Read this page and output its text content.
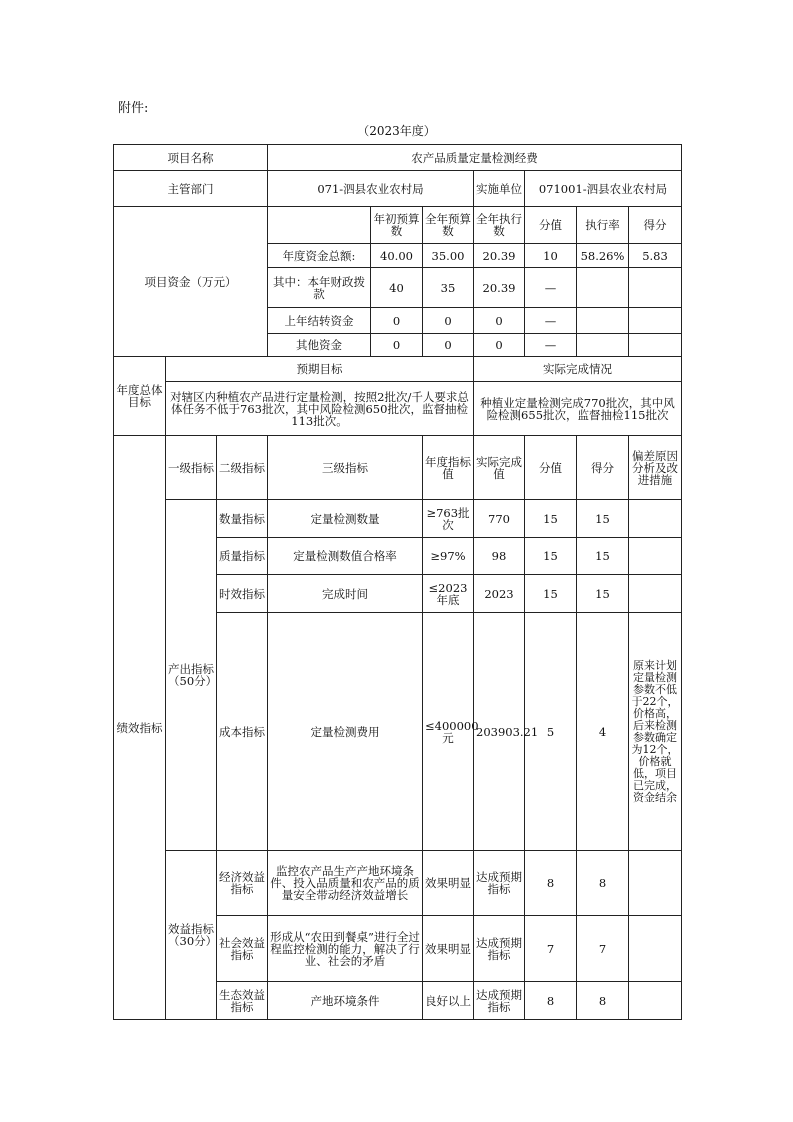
附件:
（2023年度）
项目名称			农产品质量定量检测经费						
主管部门			071-泗县农业农村局			实施单位	071001-泗县农业农村局		
项目资金（万元）				年初预算数	全年预算数	全年执行数	分值	执行率	得分
			年度资金总额:	40.00	35.00	20.39	10	58.26%	5.83
			其中：本年财政拨款	40	35	20.39	—		
			上年结转资金	0	0	0	—		
			其他资金	0	0	0	—		
年度总体目标	预期目标					实际完成情况			
	对辖区内种植农产品进行定量检测，按照2批次/千人要求总体任务不低于763批次，其中风险检测650批次，监督抽检113批次。					种植业定量检测完成770批次，其中风险检测655批次，监督抽检115批次			
绩效指标	一级指标	二级指标	三级指标		年度指标值	实际完成值	分值	得分	偏差原因分析及改进措施
	产出指标（50分）	数量指标	定量检测数量		≥763批次	770	15	15	
		质量指标	定量检测数值合格率		≥97%	98	15	15	
		时效指标	完成时间		≤2023年底	2023	15	15	
		成本指标	定量检测费用		≤400000元	203903.21	5	4	原来计划定量检测参数不低于22个，价格高，后来检测参数确定为12个，价格就低，项目已完成，资金结余
	效益指标（30分）	经济效益指标	监控农产品生产产地环境条件、投入品质量和农产品的质量安全带动经济效益增长		效果明显	达成预期指标	8	8	
		社会效益指标	形成从“农田到餐桌”进行全过程监控检测的能力，解决了行业、社会的矛盾		效果明显	达成预期指标	7	7	
		生态效益指标	产地环境条件		良好以上	达成预期指标	8	8	
